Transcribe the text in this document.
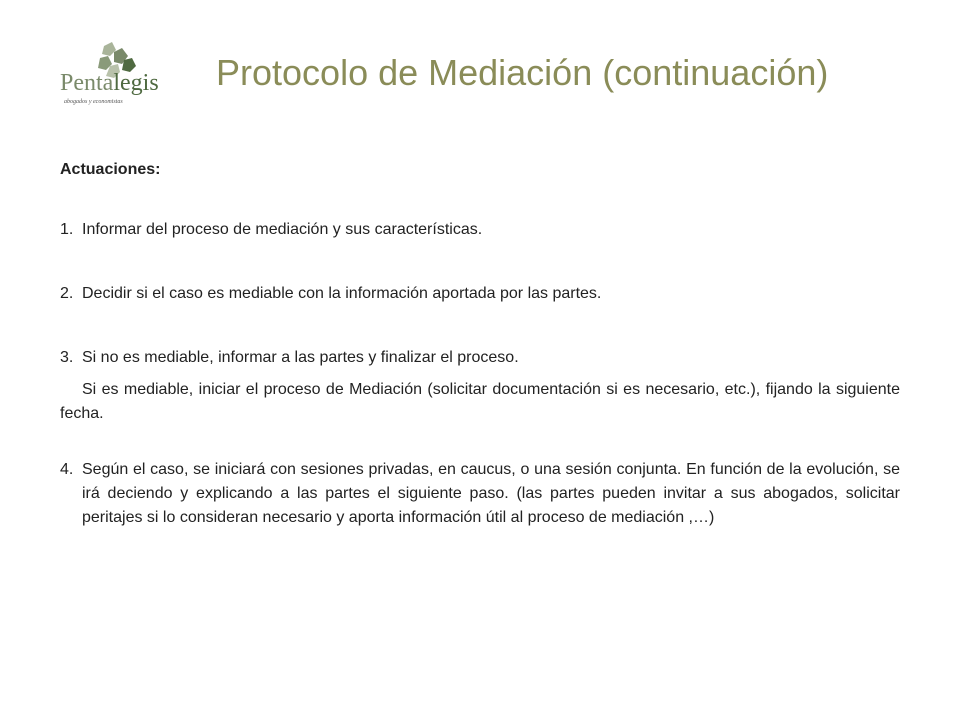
Pentalegis
abogados y economistas
Protocolo de Mediación (continuación)

Actuaciones:

1. Informar del proceso de mediación y sus características.
2. Decidir si el caso es mediable con la información aportada por las partes.
3. Si no es mediable, informar a las partes y finalizar el proceso.

Si es mediable, iniciar el proceso de Mediación (solicitar documentación si es necesario, etc.), fijando la siguiente fecha.

4. Según el caso, se iniciará con sesiones privadas, en caucus, o una sesión conjunta. En función de la evolución, se irá deciendo y explicando a las partes el siguiente paso. (las partes pueden invitar a sus abogados, solicitar peritajes si lo consideran necesario y aporta información útil al proceso de mediación ,…)
